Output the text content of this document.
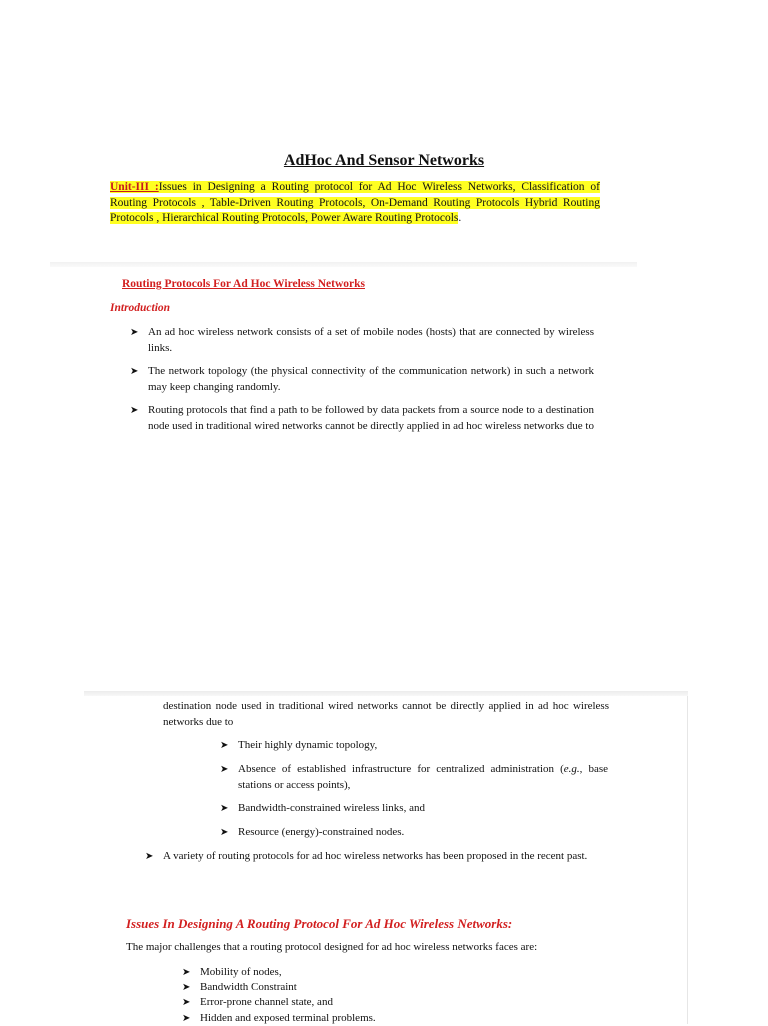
AdHoc And Sensor Networks
Unit-III :Issues in Designing a Routing protocol for Ad Hoc Wireless Networks, Classification of Routing Protocols , Table-Driven Routing Protocols, On-Demand Routing Protocols Hybrid Routing Protocols , Hierarchical Routing Protocols, Power Aware Routing Protocols.
Routing Protocols For Ad Hoc Wireless Networks
Introduction
➤ An ad hoc wireless network consists of a set of mobile nodes (hosts) that are connected by wireless links.
➤ The network topology (the physical connectivity of the communication network) in such a network may keep changing randomly.
➤ Routing protocols that find a path to be followed by data packets from a source node to a destination node used in traditional wired networks cannot be directly applied in ad hoc wireless networks due to
destination node used in traditional wired networks cannot be directly applied in ad hoc wireless networks due to
➤ Their highly dynamic topology,
➤ Absence of established infrastructure for centralized administration (e.g., base stations or access points),
➤ Bandwidth-constrained wireless links, and
➤ Resource (energy)-constrained nodes.
➤ A variety of routing protocols for ad hoc wireless networks has been proposed in the recent past.
Issues In Designing A Routing Protocol For Ad Hoc Wireless Networks:
The major challenges that a routing protocol designed for ad hoc wireless networks faces are:
➤ Mobility of nodes,
➤ Bandwidth Constraint
➤ Error-prone channel state, and
➤ Hidden and exposed terminal problems.
